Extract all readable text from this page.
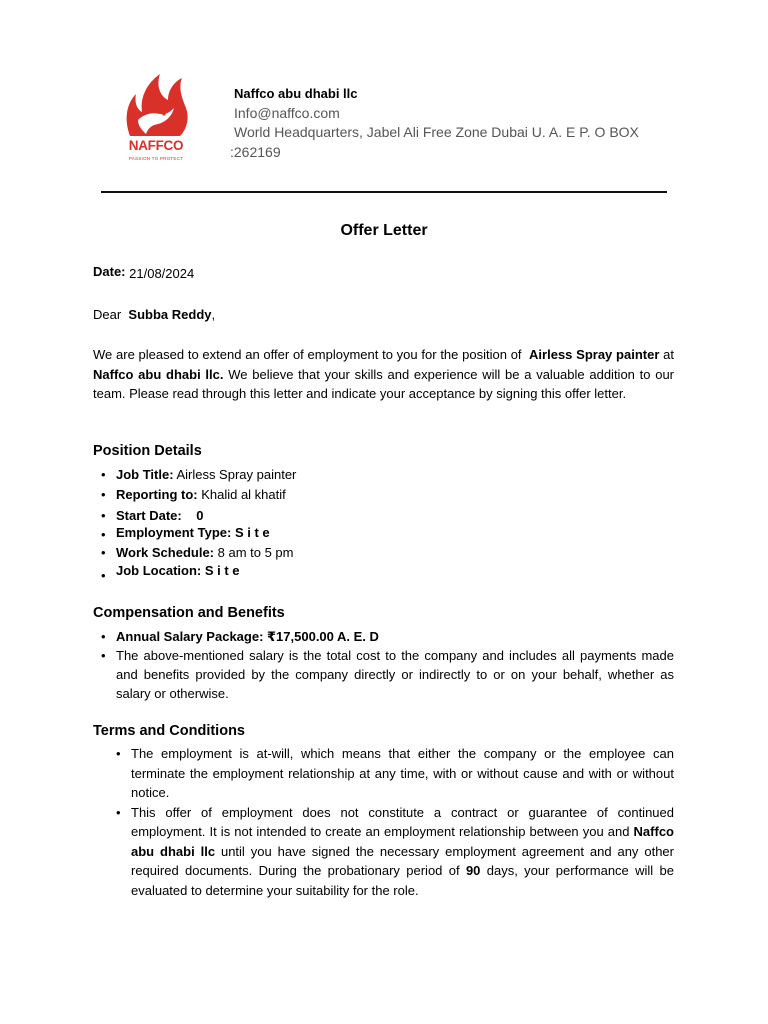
NAFFCO
PASSION TO PROTECT
Naffco abu dhabi llc
Info@naffco.com
World Headquarters, Jabel Ali Free Zone Dubai U. A. E P. O BOX
:262169
Offer Letter
Date: 21/08/2024
Dear  Subba Reddy,
We are pleased to extend an offer of employment to you for the position of  Airless Spray painter at Naffco abu dhabi llc. We believe that your skills and experience will be a valuable addition to our team. Please read through this letter and indicate your acceptance by signing this offer letter.
Position Details
• Job Title: Airless Spray painter
• Reporting to: Khalid al khatif
• Start Date:    0
• Employment Type: S i t e
• Work Schedule: 8 am to 5 pm
• Job Location: S i t e
Compensation and Benefits
• Annual Salary Package: ₹17,500.00 A. E. D
• The above-mentioned salary is the total cost to the company and includes all payments made and benefits provided by the company directly or indirectly to or on your behalf, whether as salary or otherwise.
Terms and Conditions
• The employment is at-will, which means that either the company or the employee can terminate the employment relationship at any time, with or without cause and with or without notice.
• This offer of employment does not constitute a contract or guarantee of continued employment. It is not intended to create an employment relationship between you and Naffco abu dhabi llc until you have signed the necessary employment agreement and any other required documents. During the probationary period of 90 days, your performance will be evaluated to determine your suitability for the role.
